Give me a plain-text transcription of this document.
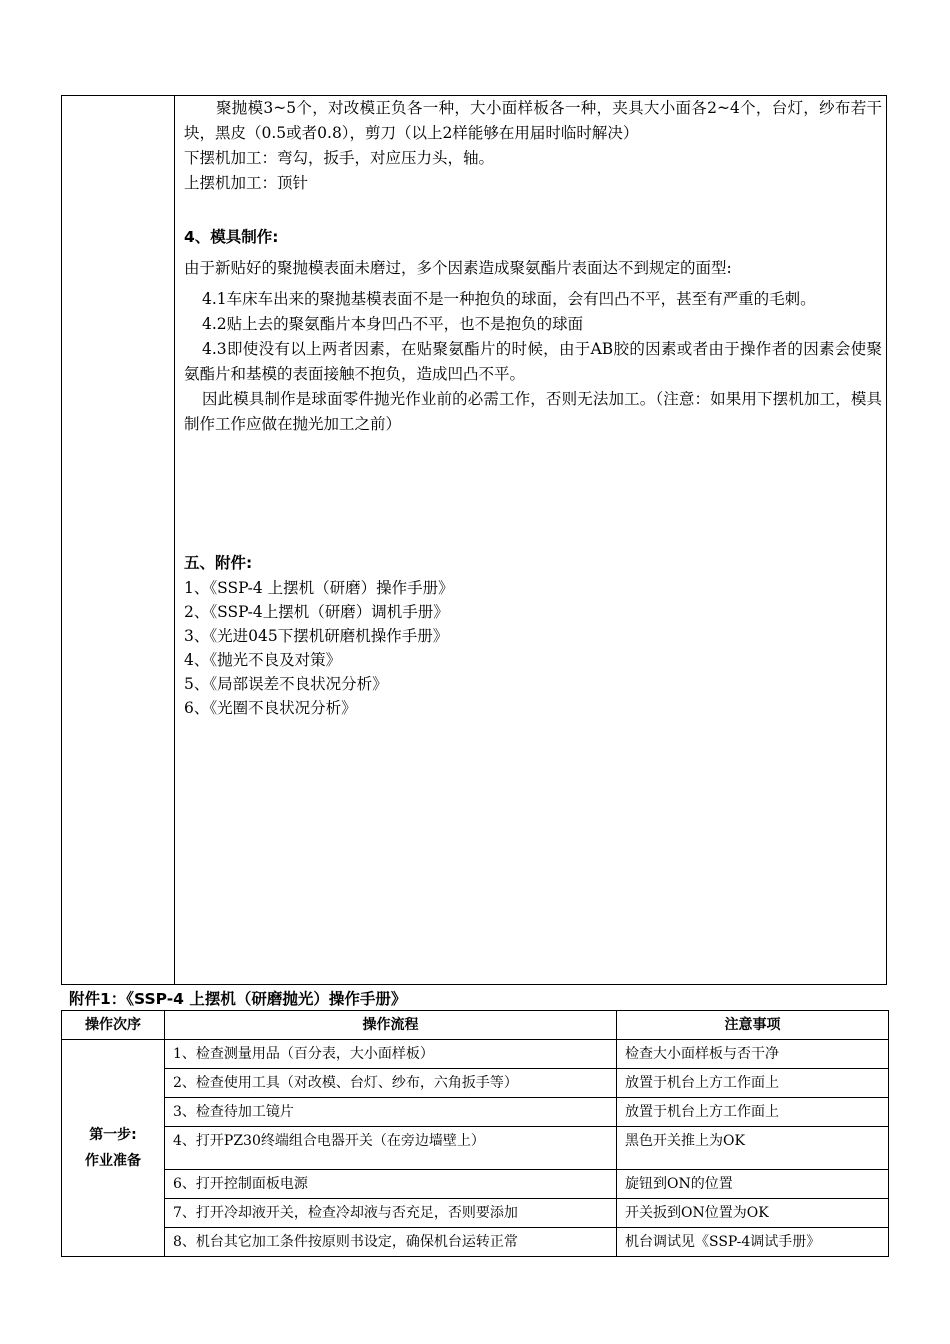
聚抛模3~5个，对改模正负各一种，大小面样板各一种，夹具大小面各2~4个，台灯，纱布若干块，黑皮（0.5或者0.8），剪刀（以上2样能够在用届时临时解决）

下摆机加工：弯勾，扳手，对应压力头，轴。

上摆机加工：顶针

4、模具制作:

由于新贴好的聚抛模表面未磨过，多个因素造成聚氨酯片表面达不到规定的面型:

4.1车床车出来的聚抛基模表面不是一种抱负的球面，会有凹凸不平，甚至有严重的毛刺。

4.2贴上去的聚氨酯片本身凹凸不平，也不是抱负的球面

4.3即使没有以上两者因素，在贴聚氨酯片的时候，由于AB胶的因素或者由于操作者的因素会使聚氨酯片和基模的表面接触不抱负，造成凹凸不平。

因此模具制作是球面零件抛光作业前的必需工作，否则无法加工。（注意：如果用下摆机加工，模具制作工作应做在抛光加工之前）

五、附件:

1、《SSP-4 上摆机（研磨）操作手册》

2、《SSP-4上摆机（研磨）调机手册》

3、《光进045下摆机研磨机操作手册》

4、《抛光不良及对策》

5、《局部误差不良状况分析》

6、《光圈不良状况分析》

附件1：《SSP-4 上摆机（研磨抛光）操作手册》
操作次序	操作流程	注意事项

第一步:
作业准备	1、检查测量用品（百分表，大小面样板）	检查大小面样板与否干净
	2、检查使用工具（对改模、台灯、纱布，六角扳手等）	放置于机台上方工作面上
	3、检查待加工镜片	放置于机台上方工作面上
	4、打开PZ30终端组合电器开关（在旁边墙壁上）	黑色开关推上为OK
	6、打开控制面板电源	旋钮到ON的位置
	7、打开冷却液开关，检查冷却液与否充足，否则要添加	开关扳到ON位置为OK
	8、机台其它加工条件按原则书设定，确保机台运转正常	机台调试见《SSP-4调试手册》
